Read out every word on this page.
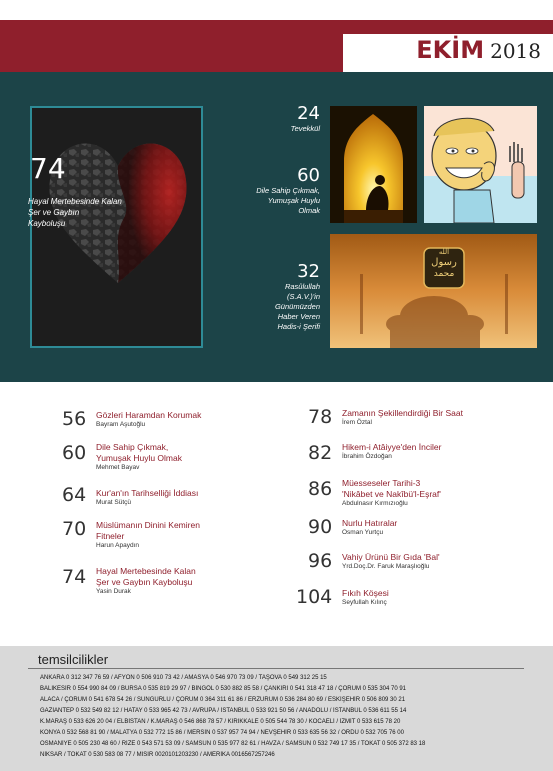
EKİM 2018
74
Hayal Mertebesinde Kalan
Şer ve Gaybın
Kayboluşu
24
Tevekkül
60
Dile Sahip Çıkmak,
Yumuşak Huylu
Olmak
32
Rasûlullah
(S.A.V.)'in
Günümüzden
Haber Veren
Hadis-i Şerifi
الله
رسول
محمد
56 Gözleri Haramdan Korumak
Bayram Aşutoğlu
60 Dile Sahip Çıkmak,
Yumuşak Huylu Olmak
Mehmet Bayav
64 Kur'an'ın Tarihselliği İddiası
Murat Sütçü
70 Müslümanın Dinini Kemiren
Fitneler
Harun Apaydın
74 Hayal Mertebesinde Kalan
Şer ve Gaybın Kayboluşu
Yasin Durak
78 Zamanın Şekillendirdiği Bir Saat
İrem Öztal
82 Hikem-i Atâiyye'den İnciler
İbrahim Özdoğan
86 Müesseseler Tarihi-3
'Nikâbet ve Nakîbü'l-Eşraf'
Abdulnasır Kırmızıoğlu
90 Nurlu Hatıralar
Osman Yurtçu
96 Vahiy Ürünü Bir Gıda 'Bal'
Yrd.Doç.Dr. Faruk Maraşlıoğlu
104 Fıkıh Köşesi
Seyfullah Kılınç
temsilcilikler
ANKARA 0 312 347 76 59 / AFYON 0 506 910 73 42 / AMASYA 0 546 970 73 09 / TAŞOVA 0 549 312 25 15
BALIKESİR 0 554 990 84 09 / BURSA 0 535 819 29 97 / BİNGÖL 0 530 882 85 58 / ÇANKIRI 0 541 318 47 18 / ÇORUM 0 535 304 70 91
ALACA / ÇORUM 0 541 678 54 26 / SUNGURLU / ÇORUM 0 364 311 61 86 / ERZURUM 0 536 284 80 69 / ESKİŞEHİR 0 506 809 30 21
GAZİANTEP 0 532 549 82 12 / HATAY 0 533 965 42 73 / AVRUPA / İSTANBUL 0 533 921 50 56 / ANADOLU / İSTANBUL 0 536 611 55 14
K.MARAŞ 0 533 626 20 04 / ELBİSTAN / K.MARAŞ 0 546 868 78 57 / KIRIKKALE 0 505 544 78 30 / KOCAELİ / İZMİT 0 533 615 78 20
KONYA 0 532 568 81 90 / MALATYA 0 532 772 15 86 / MERSİN 0 537 957 74 94 / NEVŞEHİR 0 533 635 56 32 / ORDU 0 532 705 76 00
OSMANİYE 0 505 230 48 60 / RİZE 0 543 571 53 09 / SAMSUN 0 535 977 82 61 / HAVZA / SAMSUN 0 532 749 17 35 / TOKAT 0 505 372 83 18
NİKSAR / TOKAT 0 530 583 08 77 / MISIR 0020101203230 / AMERİKA 0016567257246
